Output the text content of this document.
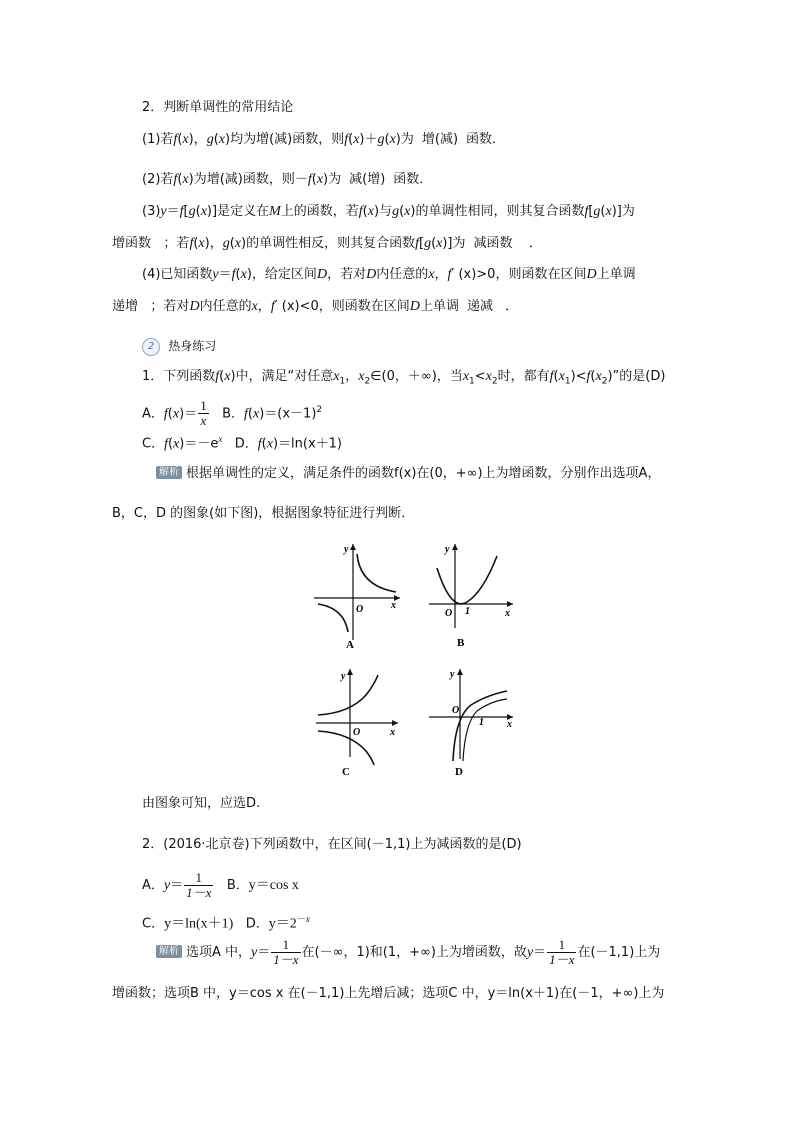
2．判断单调性的常用结论
(1)若f(x)，g(x)均为增(减)函数，则f(x)＋g(x)为 增(减) 函数．
(2)若f(x)为增(减)函数，则－f(x)为 减(增) 函数．
(3)y＝f[g(x)]是定义在M上的函数，若f(x)与g(x)的单调性相同，则其复合函数f[g(x)]为
增函数 ；若f(x)，g(x)的单调性相反，则其复合函数f[g(x)]为 减函数 ．
(4)已知函数y＝f(x)，给定区间D，若对D内任意的x，f′ (x)>0，则函数在区间D上单调
递增 ；若对D内任意的x，f′ (x)<0，则函数在区间D上单调 递减 ．
2 热身练习
1．下列函数f(x)中，满足“对任意$x_1$，$x_2\in(0$，＋∞)，当$x_1<x_2$时，都有$f(x_1)<f(x_2)$”的是(D)
A．$f(x)= \frac{1}{x}$ B．$f(x)=(x-1)^2$
C．$f(x)=-e^x$ D．f(x)＝ln(x＋1)
解析 根据单调性的定义，满足条件的函数f(x)在(0，+∞)上为增函数，分别作出选项A，
B，C，D 的图象(如下图)，根据图象特征进行判断．
y
x
O
A
y
x
O 1
B
y
x
O
C
y
x
O
1
D
由图象可知，应选D.
2．(2016·北京卷)下列函数中，在区间(－1,1)上为减函数的是(D)
A．$y= \frac{1}{1-x}$ B．y＝cos x
C．y＝ln(x＋1) D．$y=2^{-x}$
解析 选项A 中，$y= \frac{1}{1-x}$ 在(－∞，1)和(1，+∞)上为增函数，故$y= \frac{1}{1-x}$ 在(－1,1)上为
增函数；选项B 中，y＝cos x 在(－1,1)上先增后减；选项C 中，y＝ln(x＋1)在(－1，+∞)上为
